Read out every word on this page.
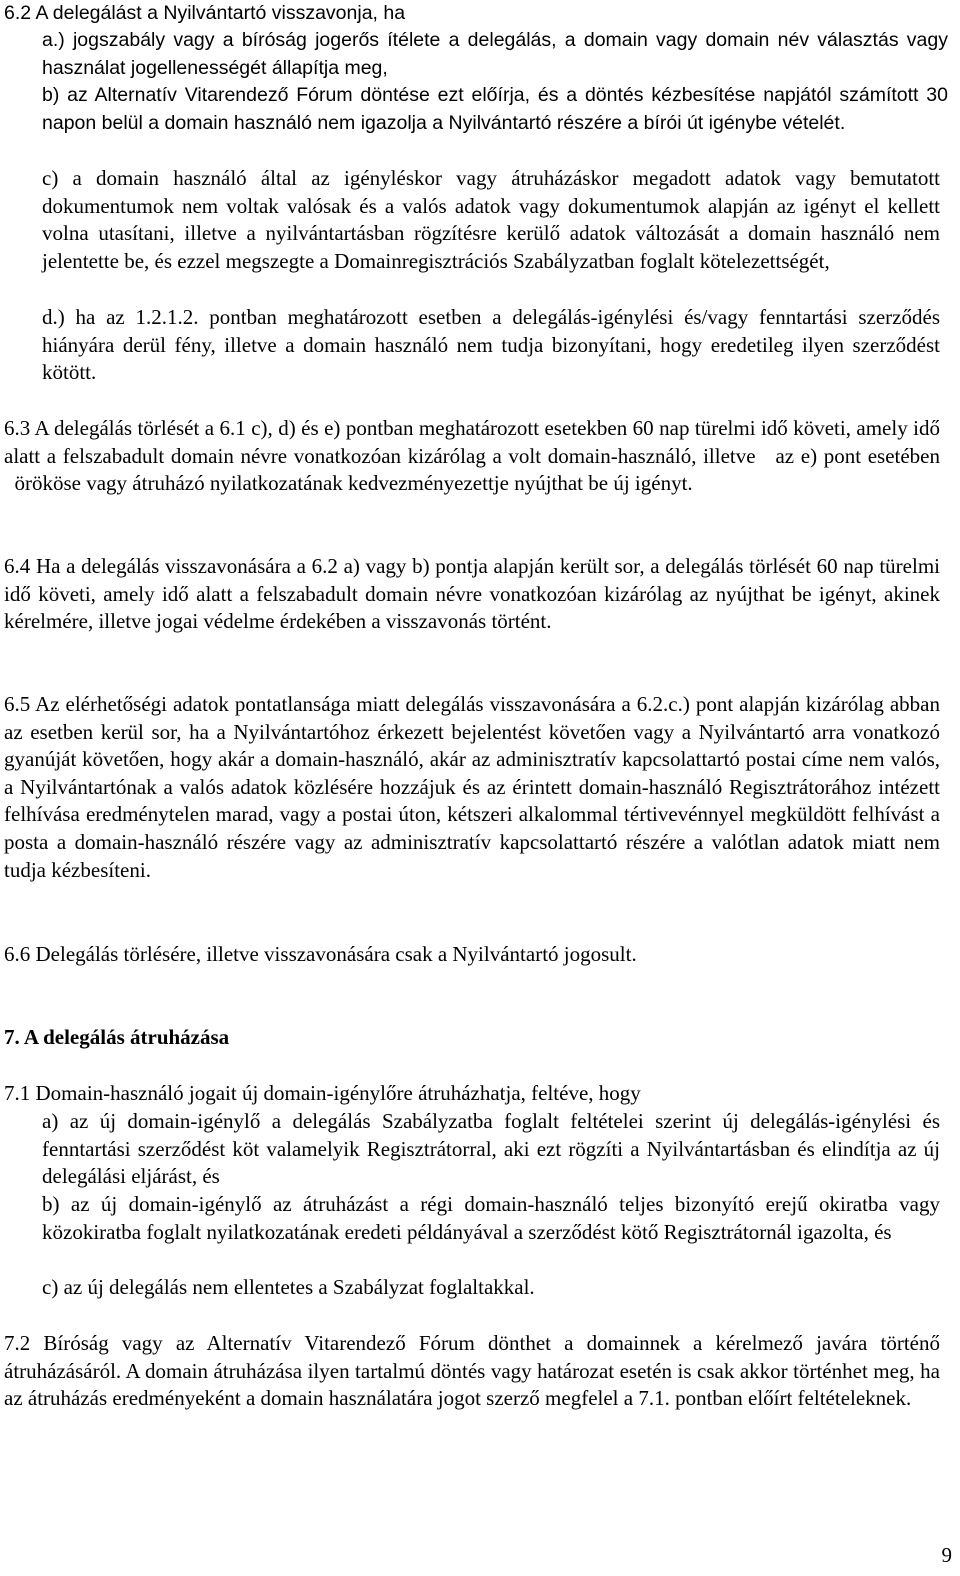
6.2 A delegálást a Nyilvántartó visszavonja, ha

a.) jogszabály vagy a bíróság jogerős ítélete a delegálás, a domain vagy domain név választás vagy használat jogellenességét állapítja meg,

b) az Alternatív Vitarendező Fórum döntése ezt előírja, és a döntés kézbesítése napjától számított 30 napon belül a domain használó nem igazolja a Nyilvántartó részére a bírói út igénybe vételét.

c) a domain használó által az igényléskor vagy átruházáskor megadott adatok vagy bemutatott dokumentumok nem voltak valósak és a valós adatok vagy dokumentumok alapján az igényt el kellett volna utasítani, illetve a nyilvántartásban rögzítésre kerülő adatok változását a domain használó nem jelentette be, és ezzel megszegte a Domainregisztrációs Szabályzatban foglalt kötelezettségét,

d.) ha az 1.2.1.2. pontban meghatározott esetben a delegálás-igénylési és/vagy fenntartási szerződés hiányára derül fény, illetve a domain használó nem tudja bizonyítani, hogy eredetileg ilyen szerződést kötött.

6.3 A delegálás törlését a 6.1 c), d) és e) pontban meghatározott esetekben 60 nap türelmi idő követi, amely idő alatt a felszabadult domain névre vonatkozóan kizárólag a volt domain-használó, illetve   az e) pont esetében   örököse vagy átruházó nyilatkozatának kedvezményezettje nyújthat be új igényt.

6.4 Ha a delegálás visszavonására a 6.2 a) vagy b) pontja alapján került sor, a delegálás törlését 60 nap türelmi idő követi, amely idő alatt a felszabadult domain névre vonatkozóan kizárólag az nyújthat be igényt, akinek kérelmére, illetve jogai védelme érdekében a visszavonás történt.

6.5 Az elérhetőségi adatok pontatlansága miatt delegálás visszavonására a 6.2.c.) pont alapján kizárólag abban az esetben kerül sor, ha a Nyilvántartóhoz érkezett bejelentést követően vagy a Nyilvántartó arra vonatkozó gyanúját követően, hogy akár a domain-használó, akár az adminisztratív kapcsolattartó postai címe nem valós, a Nyilvántartónak a valós adatok közlésére hozzájuk és az érintett domain-használó Regisztrátorához intézett felhívása eredménytelen marad, vagy a postai úton, kétszeri alkalommal tértivevénnyel megküldött felhívást a posta a domain-használó részére vagy az adminisztratív kapcsolattartó részére a valótlan adatok miatt nem tudja kézbesíteni.

6.6 Delegálás törlésére, illetve visszavonására csak a Nyilvántartó jogosult.

7. A delegálás átruházása

7.1 Domain-használó jogait új domain-igénylőre átruházhatja, feltéve, hogy

a) az új domain-igénylő a delegálás Szabályzatba foglalt feltételei szerint új delegálás-igénylési és fenntartási szerződést köt valamelyik Regisztrátorral, aki ezt rögzíti a Nyilvántartásban és elindítja az új delegálási eljárást, és

b) az új domain-igénylő az átruházást a régi domain-használó teljes bizonyító erejű okiratba vagy közokiratba foglalt nyilatkozatának eredeti példányával a szerződést kötő Regisztrátornál igazolta, és

c) az új delegálás nem ellentetes a Szabályzat foglaltakkal.

7.2 Bíróság vagy az Alternatív Vitarendező Fórum dönthet a domainnek a kérelmező javára történő átruházásáról. A domain átruházása ilyen tartalmú döntés vagy határozat esetén is csak akkor történhet meg, ha az átruházás eredményeként a domain használatára jogot szerző megfelel a 7.1. pontban előírt feltételeknek.

9
